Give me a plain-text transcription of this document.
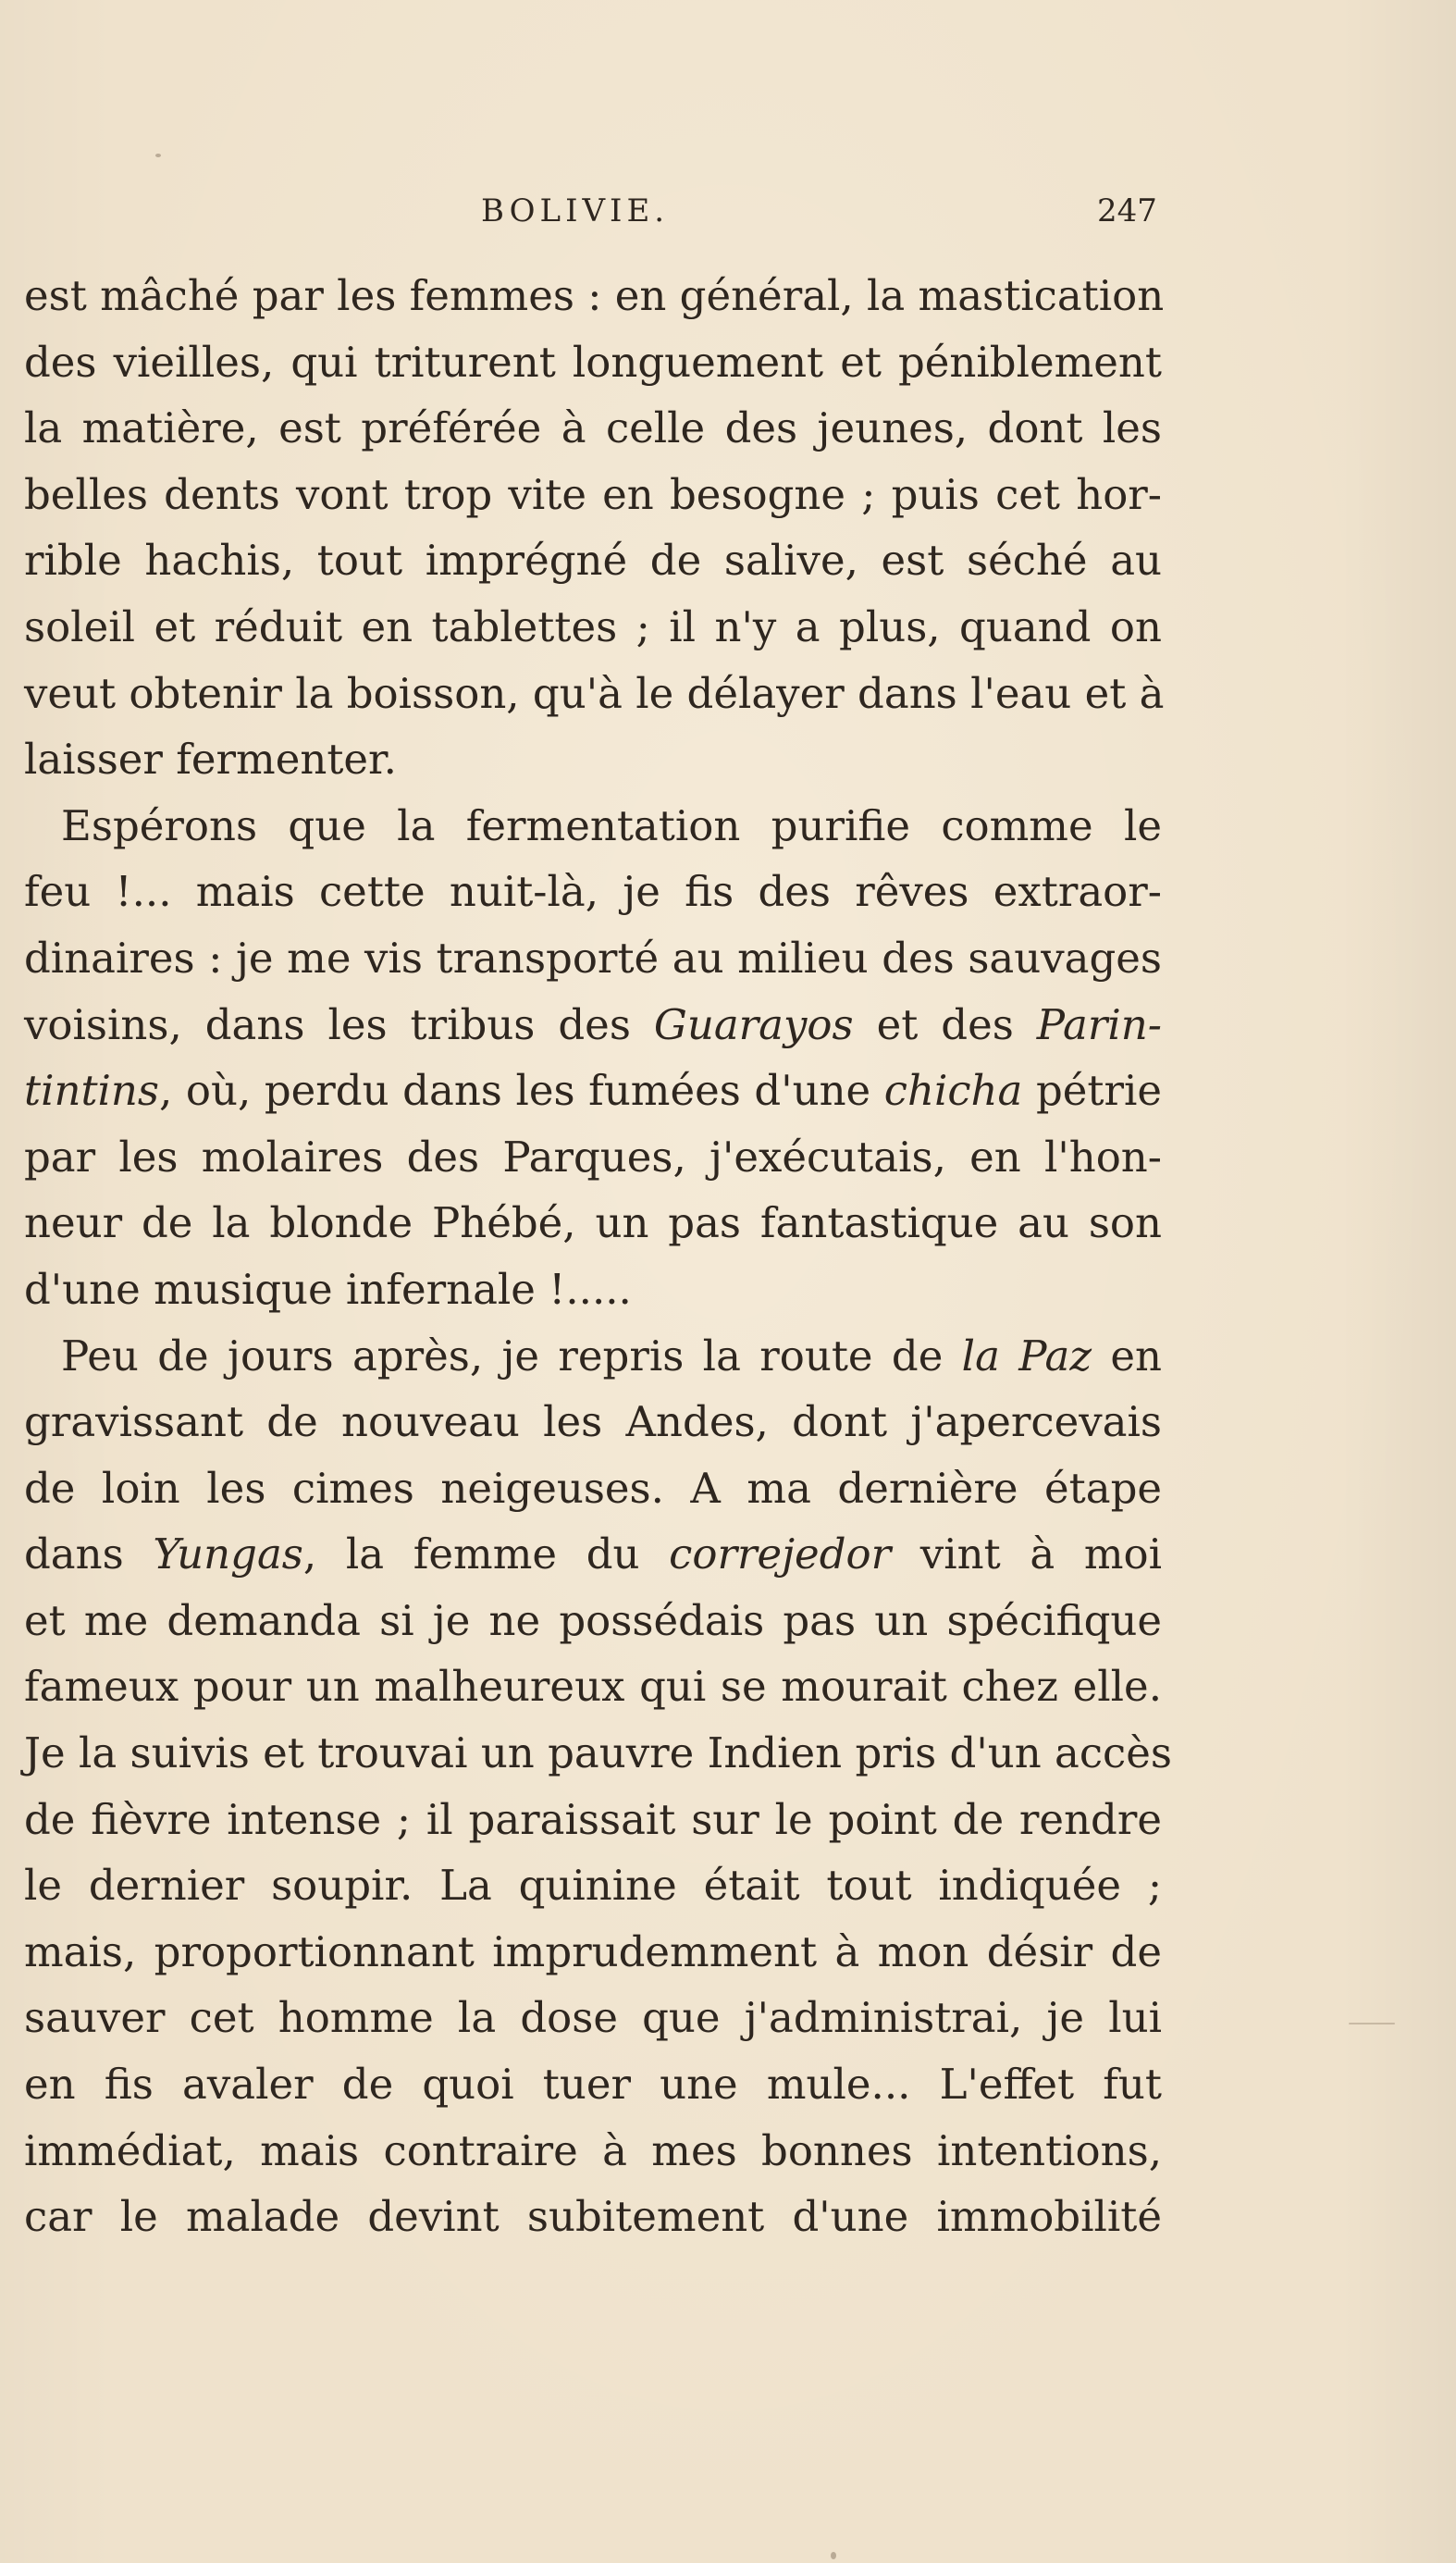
BOLIVIE.	247
est mâché par les femmes : en général, la mastication
des vieilles, qui triturent longuement et péniblement
la matière, est préférée à celle des jeunes, dont les
belles dents vont trop vite en besogne ; puis cet hor-
rible hachis, tout imprégné de salive, est séché au
soleil et réduit en tablettes ; il n'y a plus, quand on
veut obtenir la boisson, qu'à le délayer dans l'eau et à
laisser fermenter.
Espérons que la fermentation purifie comme le
feu !... mais cette nuit-là, je fis des rêves extraor-
dinaires : je me vis transporté au milieu des sauvages
voisins, dans les tribus des Guarayos et des Parin-
tintins, où, perdu dans les fumées d'une chicha pétrie
par les molaires des Parques, j'exécutais, en l'hon-
neur de la blonde Phébé, un pas fantastique au son
d'une musique infernale !.....
Peu de jours après, je repris la route de la Paz en
gravissant de nouveau les Andes, dont j'apercevais
de loin les cimes neigeuses. A ma dernière étape
dans Yungas, la femme du correjedor vint à moi
et me demanda si je ne possédais pas un spécifique
fameux pour un malheureux qui se mourait chez elle.
Je la suivis et trouvai un pauvre Indien pris d'un accès
de fièvre intense ; il paraissait sur le point de rendre
le dernier soupir. La quinine était tout indiquée ;
mais, proportionnant imprudemment à mon désir de
sauver cet homme la dose que j'administrai, je lui
en fis avaler de quoi tuer une mule... L'effet fut
immédiat, mais contraire à mes bonnes intentions,
car le malade devint subitement d'une immobilité
